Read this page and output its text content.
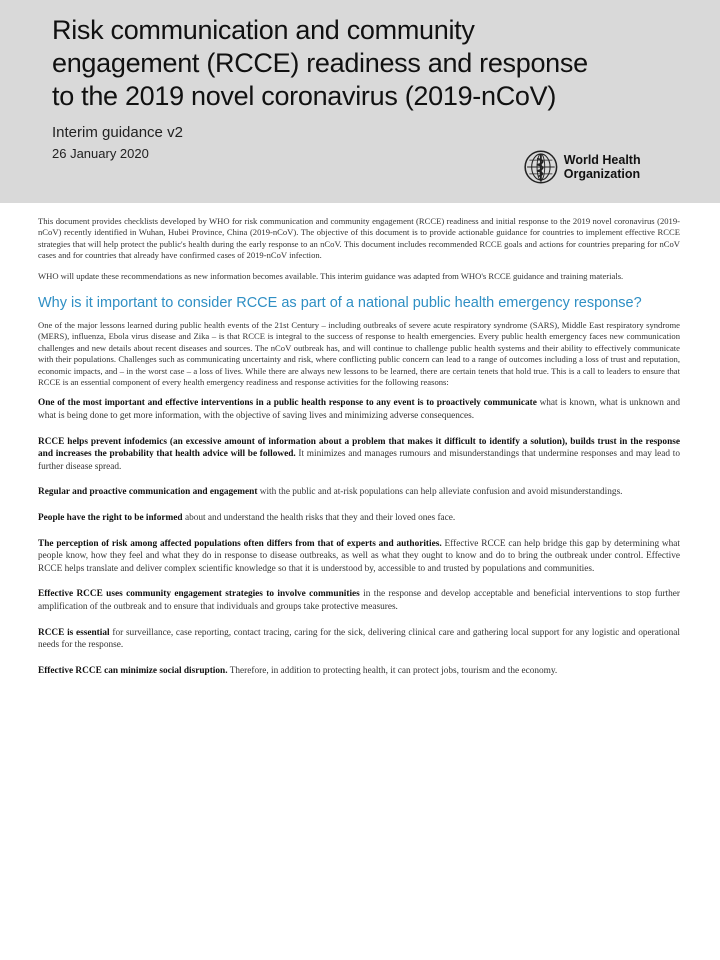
Risk communication and community engagement (RCCE) readiness and response to the 2019 novel coronavirus (2019-nCoV)

Interim guidance v2

26 January 2020	World Health Organization

This document provides checklists developed by WHO for risk communication and community engagement (RCCE) readiness and initial response to the 2019 novel coronavirus (2019-nCoV) recently identified in Wuhan, Hubei Province, China (2019-nCoV). The objective of this document is to provide actionable guidance for countries to implement effective RCCE strategies that will help protect the public's health during the early response to an nCoV. This document includes recommended RCCE goals and actions for countries preparing for nCoV cases and for countries that already have confirmed cases of 2019-nCoV infection.

WHO will update these recommendations as new information becomes available. This interim guidance was adapted from WHO's RCCE guidance and training materials.

Why is it important to consider RCCE as part of a national public health emergency response?

One of the major lessons learned during public health events of the 21st Century – including outbreaks of severe acute respiratory syndrome (SARS), Middle East respiratory syndrome (MERS), influenza, Ebola virus disease and Zika – is that RCCE is integral to the success of response to health emergencies. Every public health emergency faces new communication challenges and new details about recent diseases and sources. The nCoV outbreak has, and will continue to challenge public health systems and their ability to effectively communicate with their populations. Challenges such as communicating uncertainty and risk, where conflicting public concern can lead to a range of outcomes including a loss of trust and reputation, economic impacts, and – in the worst case – a loss of lives. While there are always new lessons to be learned, there are certain tenets that hold true. This is a call to leaders to ensure that RCCE is an essential component of every health emergency readiness and response activities for the following reasons:

One of the most important and effective interventions in a public health response to any event is to proactively communicate what is known, what is unknown and what is being done to get more information, with the objective of saving lives and minimizing adverse consequences.

RCCE helps prevent infodemics (an excessive amount of information about a problem that makes it difficult to identify a solution), builds trust in the response and increases the probability that health advice will be followed. It minimizes and manages rumours and misunderstandings that undermine responses and may lead to further disease spread.

Regular and proactive communication and engagement with the public and at-risk populations can help alleviate confusion and avoid misunderstandings.

People have the right to be informed about and understand the health risks that they and their loved ones face.

The perception of risk among affected populations often differs from that of experts and authorities. Effective RCCE can help bridge this gap by determining what people know, how they feel and what they do in response to disease outbreaks, as well as what they ought to know and do to bring the outbreak under control. Effective RCCE helps translate and deliver complex scientific knowledge so that it is understood by, accessible to and trusted by populations and communities.

Effective RCCE uses community engagement strategies to involve communities in the response and develop acceptable and beneficial interventions to stop further amplification of the outbreak and to ensure that individuals and groups take protective measures.

RCCE is essential for surveillance, case reporting, contact tracing, caring for the sick, delivering clinical care and gathering local support for any logistic and operational needs for the response.

Effective RCCE can minimize social disruption. Therefore, in addition to protecting health, it can protect jobs, tourism and the economy.
